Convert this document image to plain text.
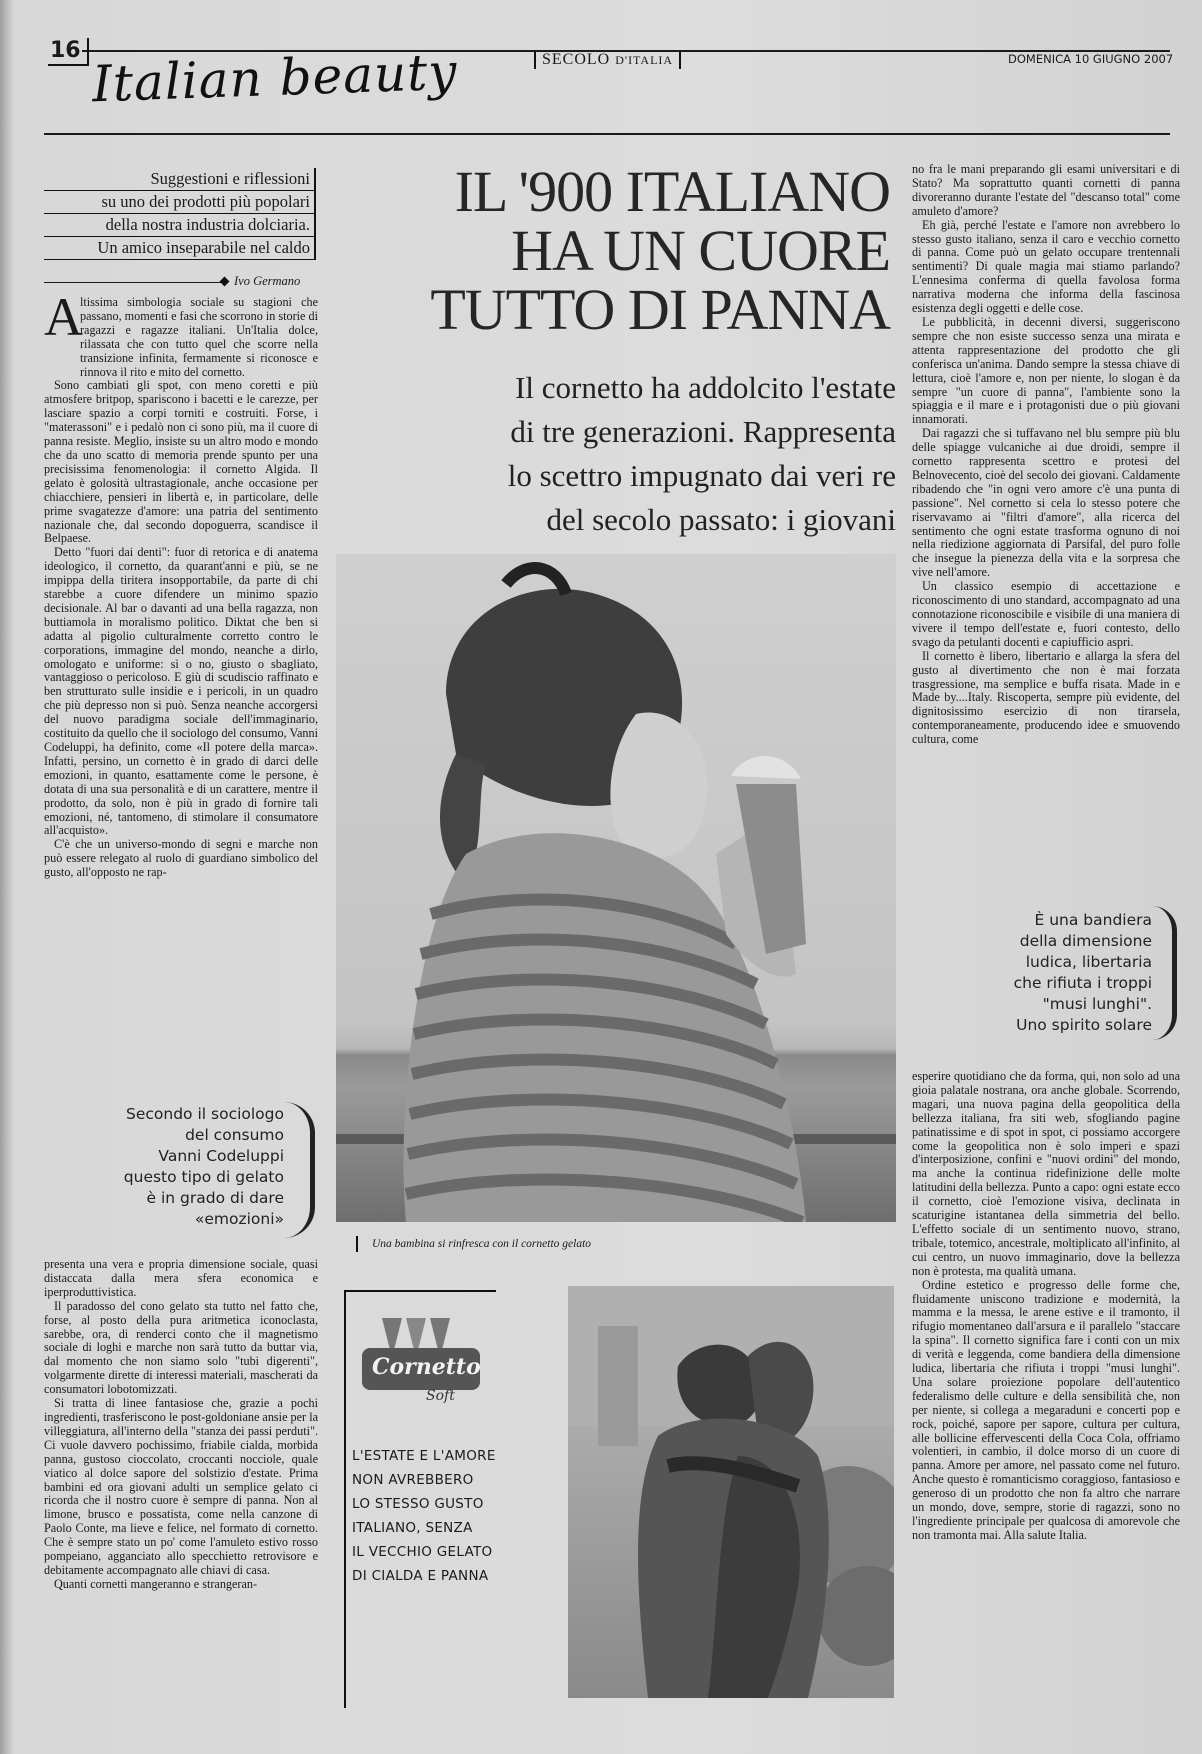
16 Italian beauty	SECOLO D'ITALIA	DOMENICA 10 GIUGNO 2007
Suggestioni e riflessioni
su uno dei prodotti più popolari
della nostra industria dolciaria.
Un amico inseparabile nel caldo
Ivo Germano
A

ltissima simbologia sociale su stagioni che passano, momenti e fasi che scorrono in storie di ragazzi e ragazze italiani. Un'Italia dolce, rilassata che con tutto quel che scorre nella transizione infinita, fermamente si riconosce e rinnova il rito e mito del cornetto.

Sono cambiati gli spot, con meno coretti e più atmosfere britpop, spariscono i bacetti e le carezze, per lasciare spazio a corpi torniti e costruiti. Forse, i "materassoni" e i pedalò non ci sono più, ma il cuore di panna resiste. Meglio, insiste su un altro modo e mondo che da uno scatto di memoria prende spunto per una precisissima fenomenologia: il cornetto Algida. Il gelato è golosità ultrastagionale, anche occasione per chiacchiere, pensieri in libertà e, in particolare, delle prime svagatezze d'amore: una patria del sentimento nazionale che, dal secondo dopoguerra, scandisce il Belpaese.

Detto "fuori dai denti": fuor di retorica e di anatema ideologico, il cornetto, da quarant'anni e più, se ne impippa della tiritera insopportabile, da parte di chi starebbe a cuore difendere un minimo spazio decisionale. Al bar o davanti ad una bella ragazza, non buttiamola in moralismo politico. Diktat che ben si adatta al pigolio culturalmente corretto contro le corporations, immagine del mondo, neanche a dirlo, omologato e uniforme: sì o no, giusto o sbagliato, vantaggioso o pericoloso. E giù di scudiscio raffinato e ben strutturato sulle insidie e i pericoli, in un quadro che più depresso non si può. Senza neanche accorgersi del nuovo paradigma sociale dell'immaginario, costituito da quello che il sociologo del consumo, Vanni Codeluppi, ha definito, come «Il potere della marca». Infatti, persino, un cornetto è in grado di darci delle emozioni, in quanto, esattamente come le persone, è dotata di una sua personalità e di un carattere, mentre il prodotto, da solo, non è più in grado di fornire tali emozioni, né, tantomeno, di stimolare il consumatore all'acquisto».

C'è che un universo-mondo di segni e marche non può essere relegato al ruolo di guardiano simbolico del gusto, all'opposto ne rap-

Secondo il sociologo
del consumo
Vanni Codeluppi
questo tipo di gelato
è in grado di dare
«emozioni»

presenta una vera e propria dimensione sociale, quasi distaccata dalla mera sfera economica e iperproduttivistica.

Il paradosso del cono gelato sta tutto nel fatto che, forse, al posto della pura aritmetica iconoclasta, sarebbe, ora, di renderci conto che il magnetismo sociale di loghi e marche non sarà tutto da buttar via, dal momento che non siamo solo "tubi digerenti", volgarmente dirette di interessi materiali, mascherati da consumatori lobotomizzati.

Si tratta di linee fantasiose che, grazie a pochi ingredienti, trasferiscono le post-goldoniane ansie per la villeggiatura, all'interno della "stanza dei passi perduti". Ci vuole davvero pochissimo, friabile cialda, morbida panna, gustoso cioccolato, croccanti nocciole, quale viatico al dolce sapore del solstizio d'estate. Prima bambini ed ora giovani adulti un semplice gelato ci ricorda che il nostro cuore è sempre di panna. Non al limone, brusco e possatista, come nella canzone di Paolo Conte, ma lieve e felice, nel formato di cornetto. Che è sempre stato un po' come l'amuleto estivo rosso pompeiano, agganciato allo specchietto retrovisore e debitamente accompagnato alle chiavi di casa.

Quanti cornetti mangeranno e strangeran-

IL '900 ITALIANO
HA UN CUORE
TUTTO DI PANNA
Il cornetto ha addolcito l'estate
di tre generazioni. Rappresenta
lo scettro impugnato dai veri re
del secolo passato: i giovani
Una bambina si rinfresca con il cornetto gelato
Cornetto
Soft
L'ESTATE E L'AMORE
NON AVREBBERO
LO STESSO GUSTO
ITALIANO, SENZA
IL VECCHIO GELATO
DI CIALDA E PANNA

no fra le mani preparando gli esami universitari e di Stato? Ma soprattutto quanti cornetti di panna divoreranno durante l'estate del "descanso total" come amuleto d'amore?

Eh già, perché l'estate e l'amore non avrebbero lo stesso gusto italiano, senza il caro e vecchio cornetto di panna. Come può un gelato occupare trentennali sentimenti? Di quale magia mai stiamo parlando? L'ennesima conferma di quella favolosa forma narrativa moderna che informa della fascinosa esistenza degli oggetti e delle cose.

Le pubblicità, in decenni diversi, suggeriscono sempre che non esiste successo senza una mirata e attenta rappresentazione del prodotto che gli conferisca un'anima. Dando sempre la stessa chiave di lettura, cioè l'amore e, non per niente, lo slogan è da sempre "un cuore di panna", l'ambiente sono la spiaggia e il mare e i protagonisti due o più giovani innamorati.

Dai ragazzi che si tuffavano nel blu sempre più blu delle spiagge vulcaniche ai due droidi, sempre il cornetto rappresenta scettro e protesi del Belnovecento, cioè del secolo dei giovani. Caldamente ribadendo che "in ogni vero amore c'è una punta di passione". Nel cornetto si cela lo stesso potere che riservavamo ai "filtri d'amore", alla ricerca del sentimento che ogni estate trasforma ognuno di noi nella riedizione aggiornata di Parsifal, del puro folle che insegue la pienezza della vita e la sorpresa che vive nell'amore.

Un classico esempio di accettazione e riconoscimento di uno standard, accompagnato ad una connotazione riconoscibile e visibile di una maniera di vivere il tempo dell'estate e, fuori contesto, dello svago da petulanti docenti e capiufficio aspri.

Il cornetto è libero, libertario e allarga la sfera del gusto al divertimento che non è mai forzata trasgressione, ma semplice e buffa risata. Made in e Made by....Italy. Riscoperta, sempre più evidente, del dignitosissimo esercizio di non tirarsela, contemporaneamente, producendo idee e smuovendo cultura, come

È una bandiera
della dimensione
ludica, libertaria
che rifiuta i troppi
"musi lunghi".
Uno spirito solare

esperire quotidiano che da forma, qui, non solo ad una gioia palatale nostrana, ora anche globale. Scorrendo, magari, una nuova pagina della geopolitica della bellezza italiana, fra siti web, sfogliando pagine patinatissime e di spot in spot, ci possiamo accorgere come la geopolitica non è solo imperi e spazi d'interposizione, confini e "nuovi ordini" del mondo, ma anche la continua ridefinizione delle molte latitudini della bellezza. Punto a capo: ogni estate ecco il cornetto, cioè l'emozione visiva, declinata in scaturigine istantanea della simmetria del bello. L'effetto sociale di un sentimento nuovo, strano, tribale, totemico, ancestrale, moltiplicato all'infinito, al cui centro, un nuovo immaginario, dove la bellezza non è protesta, ma qualità umana.

Ordine estetico e progresso delle forme che, fluidamente uniscono tradizione e modernità, la mamma e la messa, le arene estive e il tramonto, il rifugio momentaneo dall'arsura e il parallelo "staccare la spina". Il cornetto significa fare i conti con un mix di verità e leggenda, come bandiera della dimensione ludica, libertaria che rifiuta i troppi "musi lunghi". Una solare proiezione popolare dell'autentico federalismo delle culture e della sensibilità che, non per niente, si collega a megaraduni e concerti pop e rock, poiché, sapore per sapore, cultura per cultura, alle bollicine effervescenti della Coca Cola, offriamo volentieri, in cambio, il dolce morso di un cuore di panna. Amore per amore, nel passato come nel futuro. Anche questo è romanticismo coraggioso, fantasioso e generoso di un prodotto che non fa altro che narrare un mondo, dove, sempre, storie di ragazzi, sono no l'ingrediente principale per qualcosa di amorevole che non tramonta mai. Alla salute Italia.
